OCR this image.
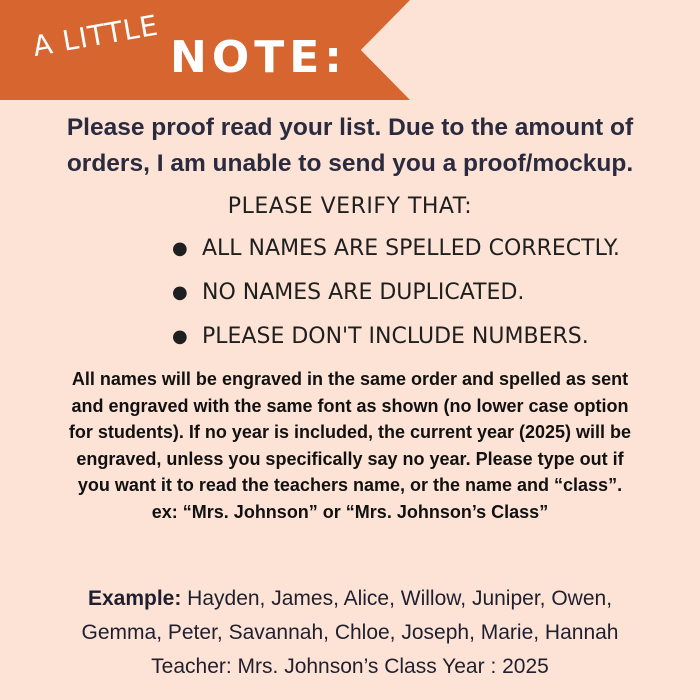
A LITTLE NOTE:
Please proof read your list. Due to the amount of
orders, I am unable to send you a proof/mockup.
PLEASE VERIFY THAT:
● ALL NAMES ARE SPELLED CORRECTLY.
● NO NAMES ARE DUPLICATED.
● PLEASE DON'T INCLUDE NUMBERS.
All names will be engraved in the same order and spelled as sent
and engraved with the same font as shown (no lower case option
for students). If no year is included, the current year (2025) will be
engraved, unless you specifically say no year. Please type out if
you want it to read the teachers name, or the name and “class”.
ex: “Mrs. Johnson” or “Mrs. Johnson’s Class”
Example: Hayden, James, Alice, Willow, Juniper, Owen,
Gemma, Peter, Savannah, Chloe, Joseph, Marie, Hannah
Teacher: Mrs. Johnson’s Class Year : 2025
